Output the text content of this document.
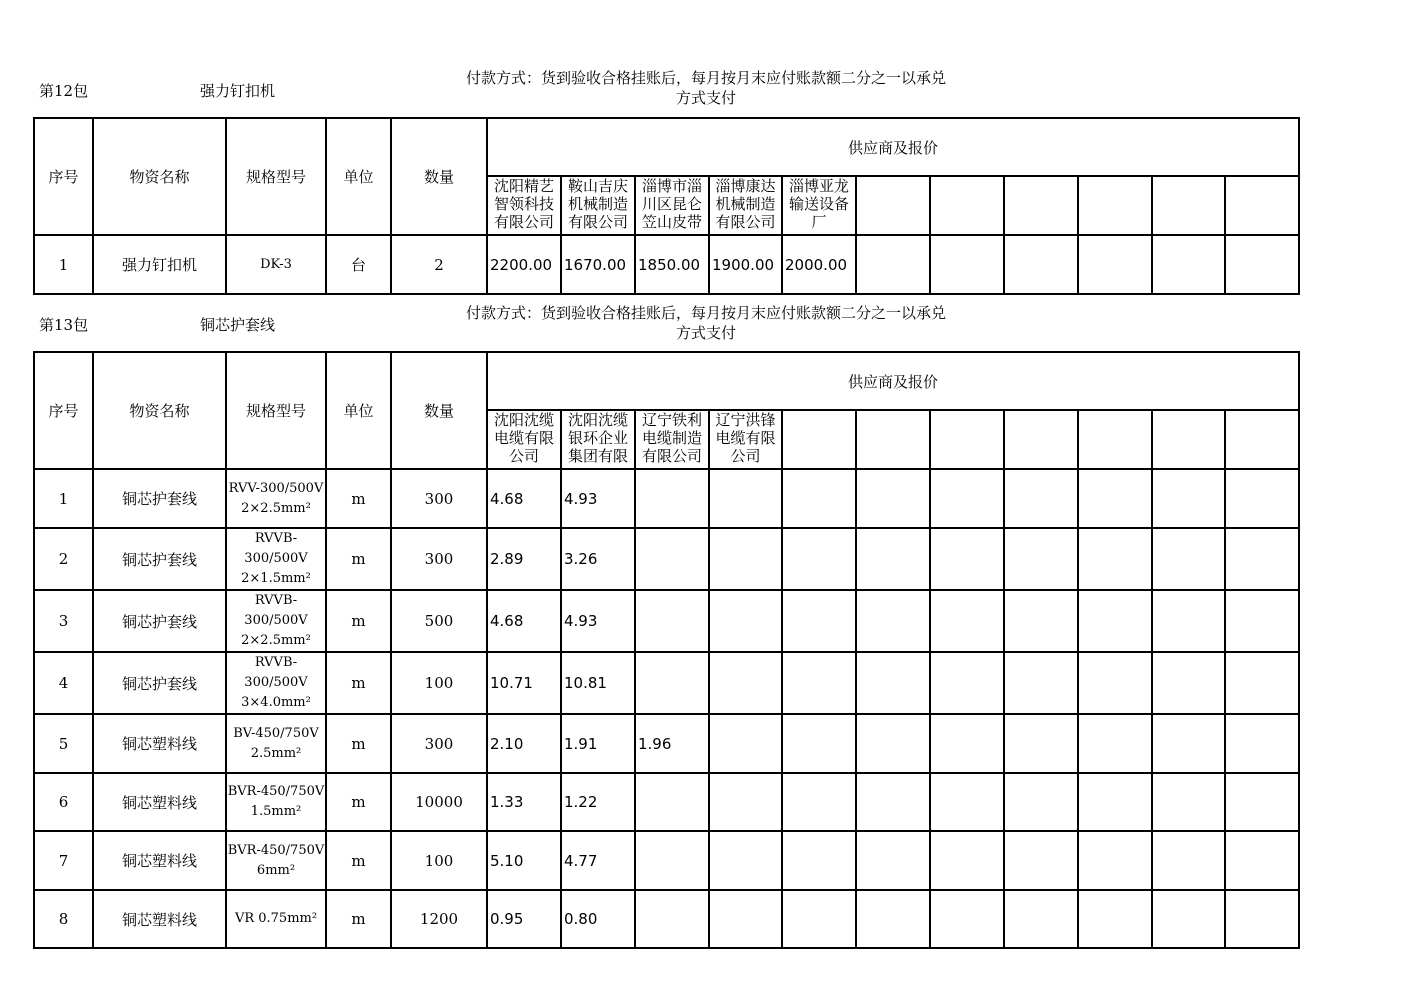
第12包	强力钉扣机
付款方式：货到验收合格挂账后，每月按月末应付账款额二分之一以承兑方式支付
序号	物资名称	规格型号	单位	数量	供应商及报价										
					沈阳精艺智领科技有限公司	鞍山吉庆机械制造有限公司	淄博市淄川区昆仑笠山皮带	淄博康达机械制造有限公司	淄博亚龙输送设备厂						
1	强力钉扣机	DK-3	台	2	2200.00	1670.00	1850.00	1900.00	2000.00						
第13包	铜芯护套线
付款方式：货到验收合格挂账后，每月按月末应付账款额二分之一以承兑方式支付
序号	物资名称	规格型号	单位	数量	供应商及报价										
					沈阳沈缆电缆有限公司	沈阳沈缆银环企业集团有限	辽宁铁利电缆制造有限公司	辽宁洪锋电缆有限公司							
1	铜芯护套线	RVV-300/500V 2×2.5mm²	m	300	4.68	4.93									
2	铜芯护套线	RVVB-300/500V 2×1.5mm²	m	300	2.89	3.26									
3	铜芯护套线	RVVB-300/500V 2×2.5mm²	m	500	4.68	4.93									
4	铜芯护套线	RVVB-300/500V 3×4.0mm²	m	100	10.71	10.81									
5	铜芯塑料线	BV-450/750V 2.5mm²	m	300	2.10	1.91	1.96								
6	铜芯塑料线	BVR-450/750V 1.5mm²	m	10000	1.33	1.22									
7	铜芯塑料线	BVR-450/750V 6mm²	m	100	5.10	4.77									
8	铜芯塑料线	VR 0.75mm²	m	1200	0.95	0.80									
